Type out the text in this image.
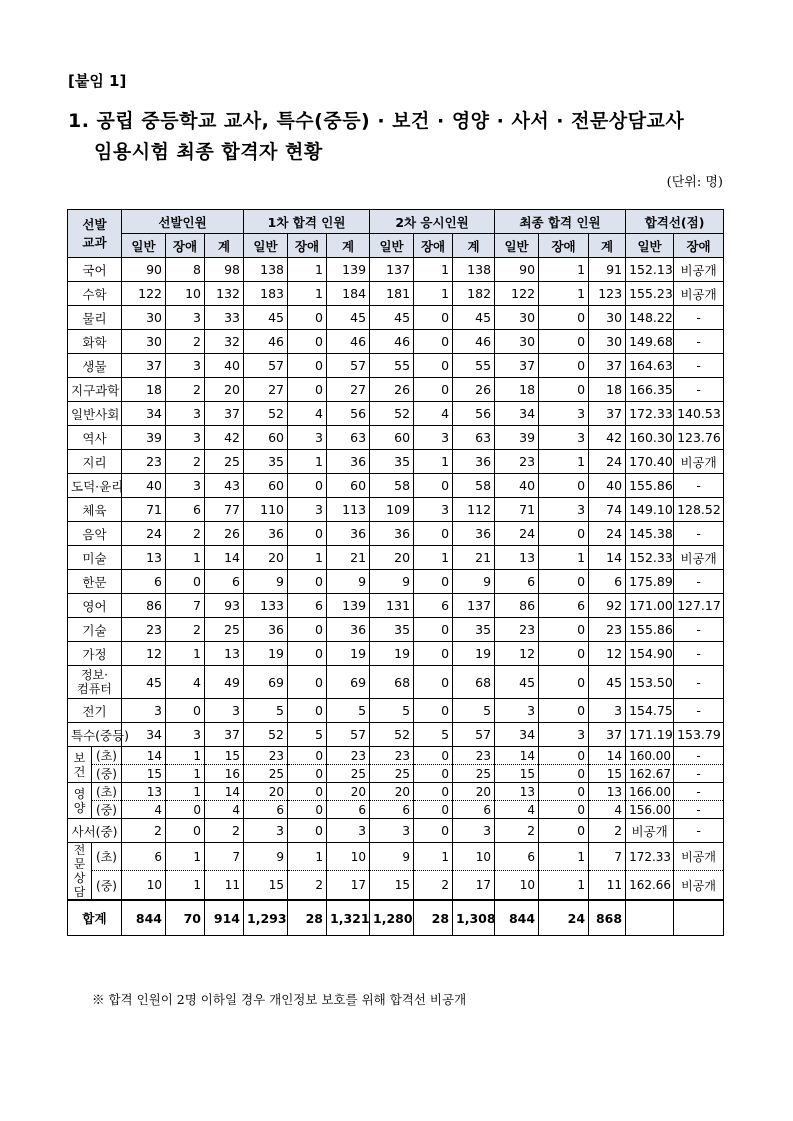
[붙임 1]
1. 공립 중등학교 교사, 특수(중등) · 보건 · 영양 · 사서 · 전문상담교사
임용시험 최종 합격자 현황
(단위: 명)
선발
교과		선발인원			1차 합격 인원			2차 응시인원			최종 합격 인원			합격선(점)	
		일반	장애	계	일반	장애	계	일반	장애	계	일반	장애	계	일반	장애
국어		90	8	98	138	1	139	137	1	138	90	1	91	152.13	비공개
수학		122	10	132	183	1	184	181	1	182	122	1	123	155.23	비공개
물리		30	3	33	45	0	45	45	0	45	30	0	30	148.22	-
화학		30	2	32	46	0	46	46	0	46	30	0	30	149.68	-
생물		37	3	40	57	0	57	55	0	55	37	0	37	164.63	-
지구과학		18	2	20	27	0	27	26	0	26	18	0	18	166.35	-
일반사회		34	3	37	52	4	56	52	4	56	34	3	37	172.33	140.53
역사		39	3	42	60	3	63	60	3	63	39	3	42	160.30	123.76
지리		23	2	25	35	1	36	35	1	36	23	1	24	170.40	비공개
도덕·윤리		40	3	43	60	0	60	58	0	58	40	0	40	155.86	-
체육		71	6	77	110	3	113	109	3	112	71	3	74	149.10	128.52
음악		24	2	26	36	0	36	36	0	36	24	0	24	145.38	-
미술		13	1	14	20	1	21	20	1	21	13	1	14	152.33	비공개
한문		6	0	6	9	0	9	9	0	9	6	0	6	175.89	-
영어		86	7	93	133	6	139	131	6	137	86	6	92	171.00	127.17
기술		23	2	25	36	0	36	35	0	35	23	0	23	155.86	-
가정		12	1	13	19	0	19	19	0	19	12	0	12	154.90	-
정보·
컴퓨터		45	4	49	69	0	69	68	0	68	45	0	45	153.50	-
전기		3	0	3	5	0	5	5	0	5	3	0	3	154.75	-
특수(중등)		34	3	37	52	5	57	52	5	57	34	3	37	171.19	153.79
보건	(초)	14	1	15	23	0	23	23	0	23	14	0	14	160.00	-
	(중)	15	1	16	25	0	25	25	0	25	15	0	15	162.67	-
영양	(초)	13	1	14	20	0	20	20	0	20	13	0	13	166.00	-
	(중)	4	0	4	6	0	6	6	0	6	4	0	4	156.00	-
사서(중)		2	0	2	3	0	3	3	0	3	2	0	2	비공개	-
전문
상담	(초)	6	1	7	9	1	10	9	1	10	6	1	7	172.33	비공개
	(중)	10	1	11	15	2	17	15	2	17	10	1	11	162.66	비공개
합계		844	70	914	1,293	28	1,321	1,280	28	1,308	844	24	868		
※ 합격 인원이 2명 이하일 경우 개인정보 보호를 위해 합격선 비공개
